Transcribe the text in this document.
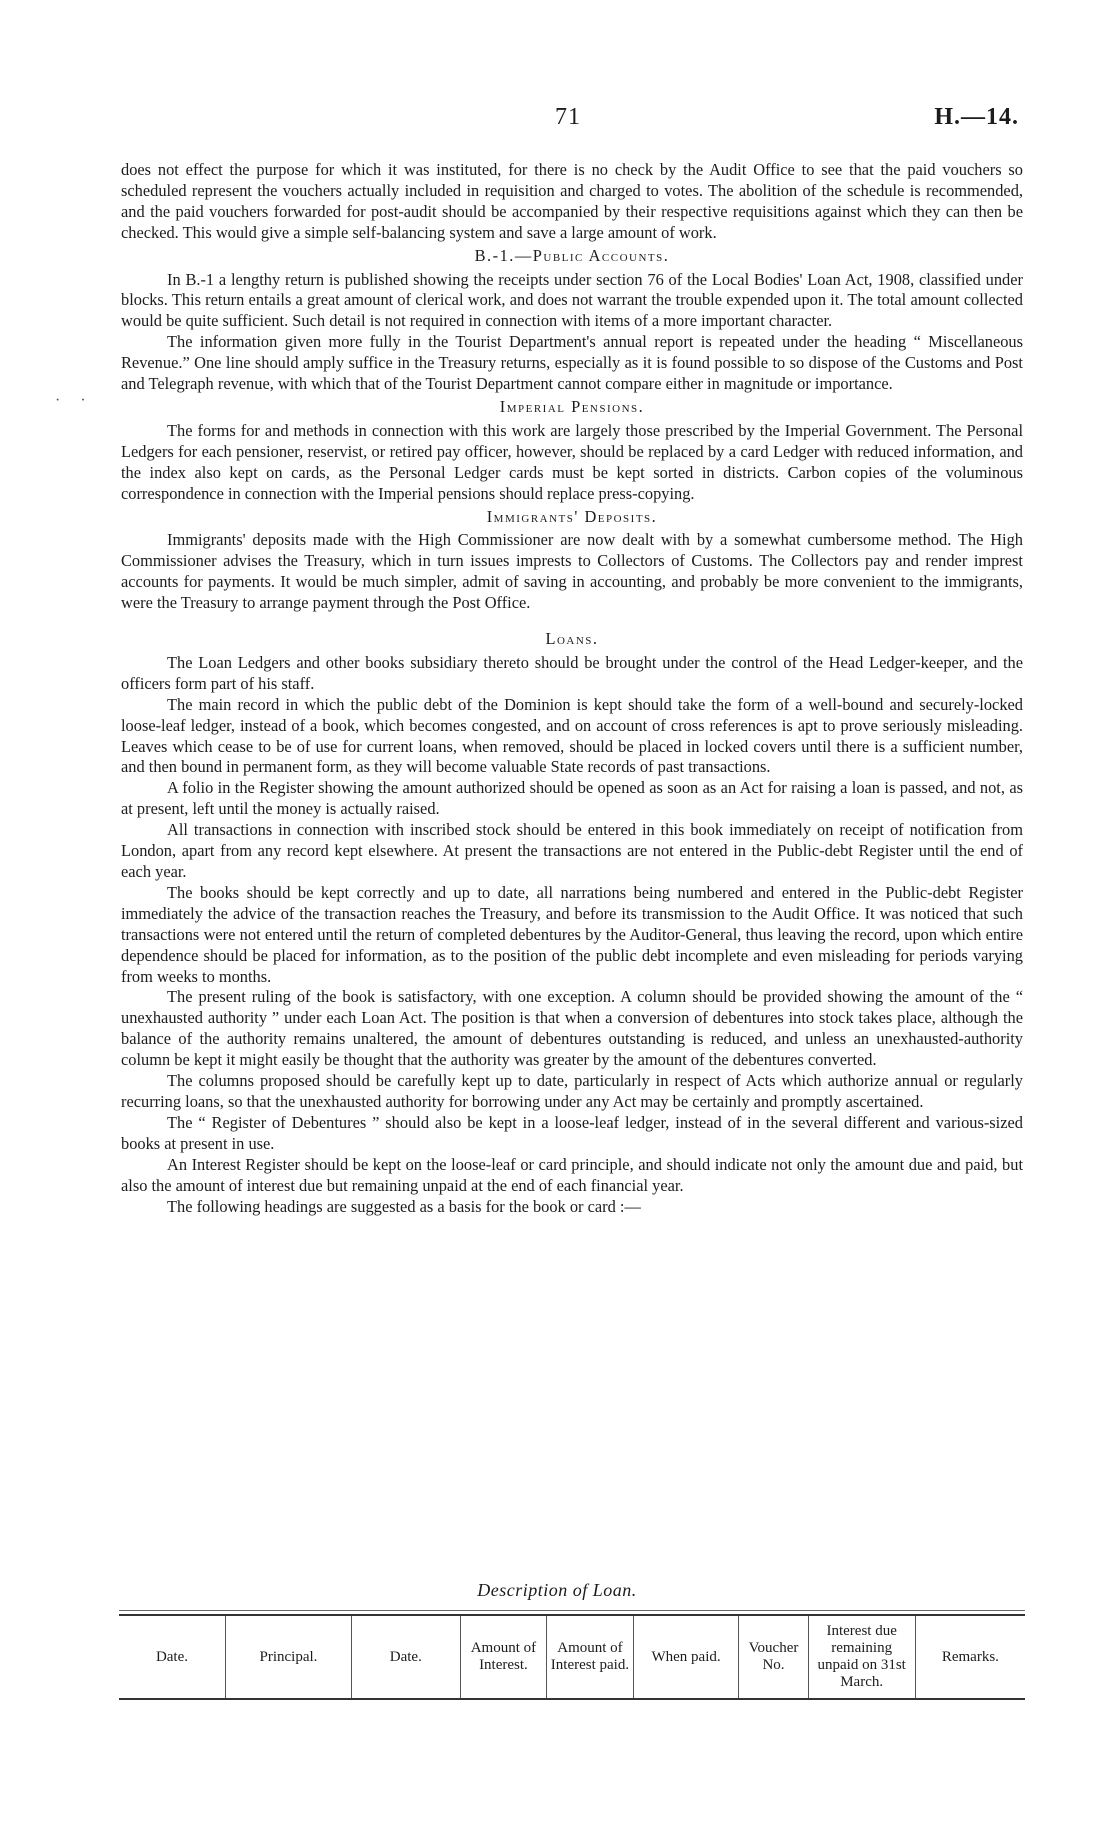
71	H.—14.
· ·

does not effect the purpose for which it was instituted, for there is no check by the Audit Office to see that the paid vouchers so scheduled represent the vouchers actually included in requisition and charged to votes. The abolition of the schedule is recommended, and the paid vouchers forwarded for post-audit should be accompanied by their respective requisitions against which they can then be checked. This would give a simple self-balancing system and save a large amount of work.

B.-1.—Public Accounts.

In B.-1 a lengthy return is published showing the receipts under section 76 of the Local Bodies' Loan Act, 1908, classified under blocks. This return entails a great amount of clerical work, and does not warrant the trouble expended upon it. The total amount collected would be quite sufficient. Such detail is not required in connection with items of a more important character.

The information given more fully in the Tourist Department's annual report is repeated under the heading “ Miscellaneous Revenue.” One line should amply suffice in the Treasury returns, especially as it is found possible to so dispose of the Customs and Post and Telegraph revenue, with which that of the Tourist Department cannot compare either in magnitude or importance.

Imperial Pensions.

The forms for and methods in connection with this work are largely those prescribed by the Imperial Government. The Personal Ledgers for each pensioner, reservist, or retired pay officer, however, should be replaced by a card Ledger with reduced information, and the index also kept on cards, as the Personal Ledger cards must be kept sorted in districts. Carbon copies of the voluminous correspondence in connection with the Imperial pensions should replace press-copying.

Immigrants' Deposits.

Immigrants' deposits made with the High Commissioner are now dealt with by a somewhat cumbersome method. The High Commissioner advises the Treasury, which in turn issues imprests to Collectors of Customs. The Collectors pay and render imprest accounts for payments. It would be much simpler, admit of saving in accounting, and probably be more convenient to the immigrants, were the Treasury to arrange payment through the Post Office.

Loans.

The Loan Ledgers and other books subsidiary thereto should be brought under the control of the Head Ledger-keeper, and the officers form part of his staff.

The main record in which the public debt of the Dominion is kept should take the form of a well-bound and securely-locked loose-leaf ledger, instead of a book, which becomes congested, and on account of cross references is apt to prove seriously misleading. Leaves which cease to be of use for current loans, when removed, should be placed in locked covers until there is a sufficient number, and then bound in permanent form, as they will become valuable State records of past transactions.

A folio in the Register showing the amount authorized should be opened as soon as an Act for raising a loan is passed, and not, as at present, left until the money is actually raised.

All transactions in connection with inscribed stock should be entered in this book immediately on receipt of notification from London, apart from any record kept elsewhere. At present the transactions are not entered in the Public-debt Register until the end of each year.

The books should be kept correctly and up to date, all narrations being numbered and entered in the Public-debt Register immediately the advice of the transaction reaches the Treasury, and before its transmission to the Audit Office. It was noticed that such transactions were not entered until the return of completed debentures by the Auditor-General, thus leaving the record, upon which entire dependence should be placed for information, as to the position of the public debt incomplete and even misleading for periods varying from weeks to months.

The present ruling of the book is satisfactory, with one exception. A column should be provided showing the amount of the “ unexhausted authority ” under each Loan Act. The position is that when a conversion of debentures into stock takes place, although the balance of the authority remains unaltered, the amount of debentures outstanding is reduced, and unless an unexhausted-authority column be kept it might easily be thought that the authority was greater by the amount of the debentures converted.

The columns proposed should be carefully kept up to date, particularly in respect of Acts which authorize annual or regularly recurring loans, so that the unexhausted authority for borrowing under any Act may be certainly and promptly ascertained.

The “ Register of Debentures ” should also be kept in a loose-leaf ledger, instead of in the several different and various-sized books at present in use.

An Interest Register should be kept on the loose-leaf or card principle, and should indicate not only the amount due and paid, but also the amount of interest due but remaining unpaid at the end of each financial year.

The following headings are suggested as a basis for the book or card :—

Description of Loan.
Date.	Principal.	Date.	Amount of Interest.	Amount of Interest paid.	When paid.	Voucher No.	Interest due remaining unpaid on 31st March.	Remarks.
